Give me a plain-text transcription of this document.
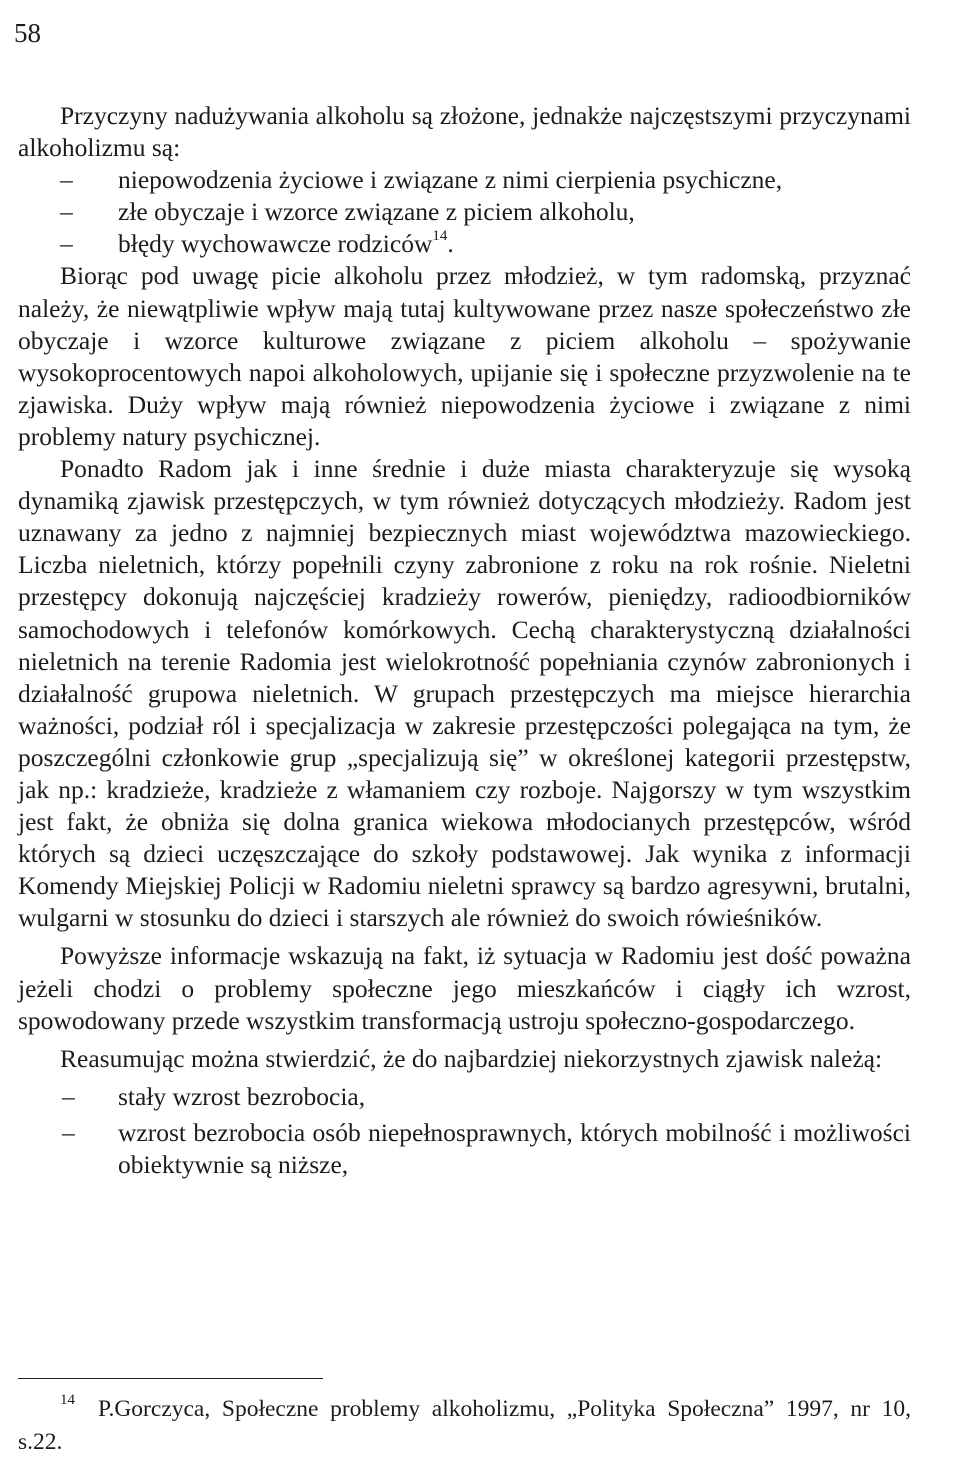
58

Przyczyny nadużywania alkoholu są złożone, jednakże najczęstszymi przyczynami alkoholizmu są:

– niepowodzenia życiowe i związane z nimi cierpienia psychiczne,
– złe obyczaje i wzorce związane z piciem alkoholu,
– błędy wychowawcze rodziców$^{14}$.

Biorąc pod uwagę picie alkoholu przez młodzież, w tym radomską, przyznać należy, że niewątpliwie wpływ mają tutaj kultywowane przez nasze społeczeństwo złe obyczaje i wzorce kulturowe związane z piciem alkoholu – spożywanie wysokoprocentowych napoi alkoholowych, upijanie się i społeczne przyzwolenie na te zjawiska. Duży wpływ mają również niepowodzenia życiowe i związane z nimi problemy natury psychicznej.

Ponadto Radom jak i inne średnie i duże miasta charakteryzuje się wysoką dynamiką zjawisk przestępczych, w tym również dotyczących młodzieży. Radom jest uznawany za jedno z najmniej bezpiecznych miast województwa mazowieckiego. Liczba nieletnich, którzy popełnili czyny zabronione z roku na rok rośnie. Nieletni przestępcy dokonują najczęściej kradzieży rowerów, pieniędzy, radioodbiorników samochodowych i telefonów komórkowych. Cechą charakterystyczną działalności nieletnich na terenie Radomia jest wielokrotność popełniania czynów zabronionych i działalność grupowa nieletnich. W grupach przestępczych ma miejsce hierarchia ważności, podział ról i specjalizacja w zakresie przestępczości polegająca na tym, że poszczególni członkowie grup „specjalizują się” w określonej kategorii przestępstw, jak np.: kradzieże, kradzieże z włamaniem czy rozboje. Najgorszy w tym wszystkim jest fakt, że obniża się dolna granica wiekowa młodocianych przestępców, wśród których są dzieci uczęszczające do szkoły podstawowej. Jak wynika z informacji Komendy Miejskiej Policji w Radomiu nieletni sprawcy są bardzo agresywni, brutalni, wulgarni w stosunku do dzieci i starszych ale również do swoich rówieśników.

Powyższe informacje wskazują na fakt, iż sytuacja w Radomiu jest dość poważna jeżeli chodzi o problemy społeczne jego mieszkańców i ciągły ich wzrost, spowodowany przede wszystkim transformacją ustroju społeczno-gospodarczego.

Reasumując można stwierdzić, że do najbardziej niekorzystnych zjawisk należą:

– stały wzrost bezrobocia,
– wzrost bezrobocia osób niepełnosprawnych, których mobilność i możliwości obiektywnie są niższe,
$^{14}$ P.Gorczyca, Społeczne problemy alkoholizmu, „Polityka Społeczna” 1997, nr 10, s.22.
